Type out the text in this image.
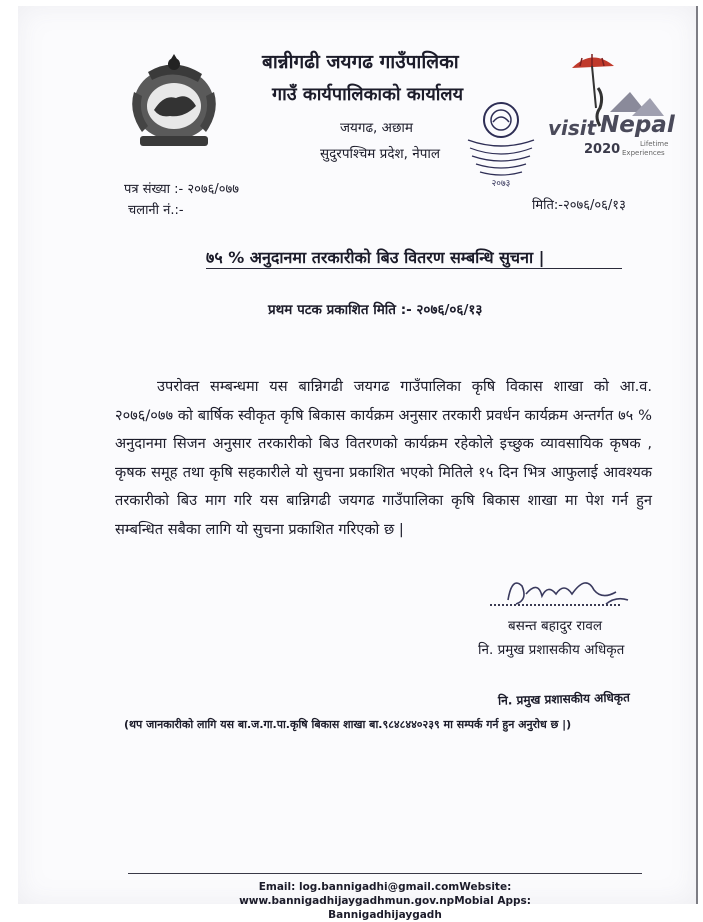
बान्नीगढी जयगढ गाउँपालिका
गाउँ कार्यपालिकाको कार्यालय
जयगढ, अछाम
सुदुरपश्चिम प्रदेश, नेपाल
२०७३
visit Nepal
2020	Lifetime
Experiences
पत्र संख्या :- २०७६/०७७
चलानी नं.:-	मिति:-२०७६/०६/१३
७५ % अनुदानमा तरकारीको बिउ वितरण सम्बन्धि सुचना |
प्रथम पटक प्रकाशित मिति :- २०७६/०६/१३

उपरोक्त सम्बन्धमा यस बान्निगढी जयगढ गाउँपालिका कृषि विकास शाखा को आ.व. २०७६/०७७ को बार्षिक स्वीकृत कृषि बिकास कार्यक्रम अनुसार तरकारी प्रवर्धन कार्यक्रम अन्तर्गत ७५ % अनुदानमा सिजन अनुसार तरकारीको बिउ वितरणको कार्यक्रम रहेकोले इच्छुक व्यावसायिक कृषक , कृषक समूह तथा कृषि सहकारीले यो सुचना प्रकाशित भएको मितिले १५ दिन भित्र आफुलाई आवश्यक तरकारीको बिउ माग गरि यस बान्निगढी जयगढ गाउँपालिका कृषि बिकास शाखा मा पेश गर्न हुन सम्बन्धित सबैका लागि यो सुचना प्रकाशित गरिएको छ |

बसन्त बहादुर रावल
नि. प्रमुख प्रशासकीय अधिकृत
नि. प्रमुख प्रशासकीय अधिकृत
(थप जानकारीको लागि यस बा.ज.गा.पा.कृषि बिकास शाखा बा.९८४८४४०२३९ मा सम्पर्क गर्न हुन अनुरोध छ |)
Email: log.bannigadhi@gmail.comWebsite: www.bannigadhijaygadhmun.gov.npMobial Apps:
Bannigadhijaygadh
